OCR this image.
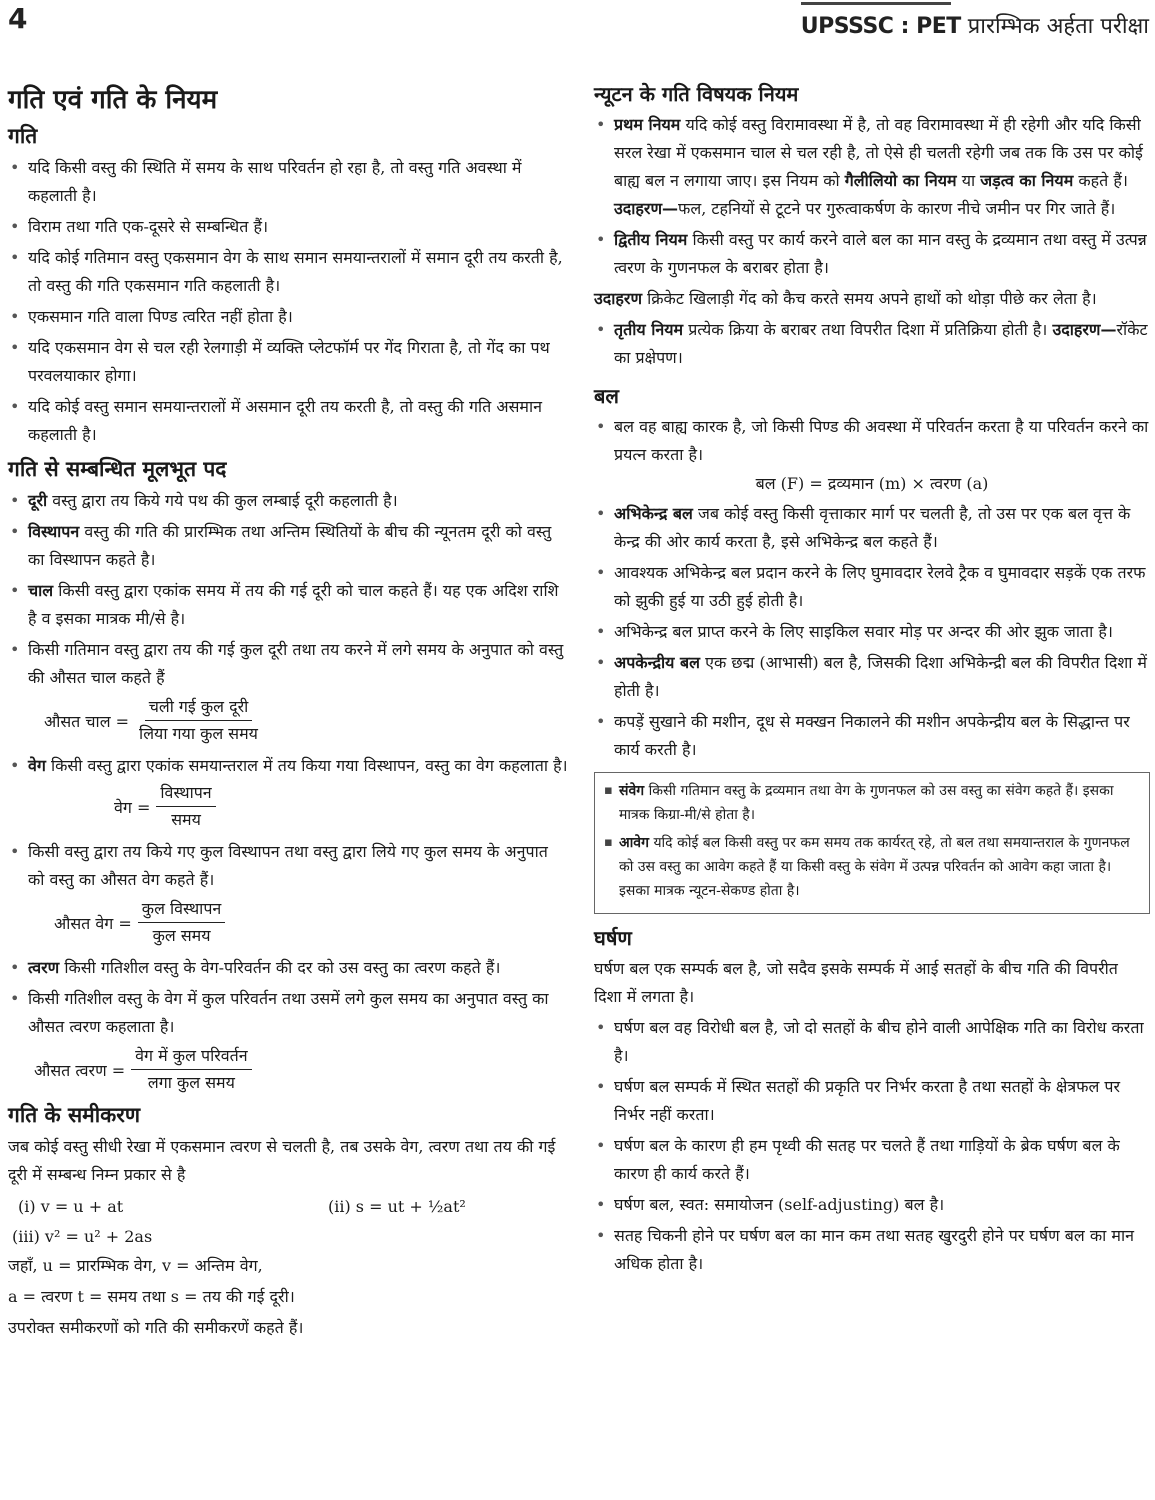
4	UPSSSC : PET प्रारम्भिक अर्हता परीक्षा
गति एवं गति के नियम
गति
• यदि किसी वस्तु की स्थिति में समय के साथ परिवर्तन हो रहा है, तो वस्तु गति अवस्था में कहलाती है।
• विराम तथा गति एक-दूसरे से सम्बन्धित हैं।
• यदि कोई गतिमान वस्तु एकसमान वेग के साथ समान समयान्तरालों में समान दूरी तय करती है, तो वस्तु की गति एकसमान गति कहलाती है।
• एकसमान गति वाला पिण्ड त्वरित नहीं होता है।
• यदि एकसमान वेग से चल रही रेलगाड़ी में व्यक्ति प्लेटफॉर्म पर गेंद गिराता है, तो गेंद का पथ परवलयाकार होगा।
• यदि कोई वस्तु समान समयान्तरालों में असमान दूरी तय करती है, तो वस्तु की गति असमान कहलाती है।
गति से सम्बन्धित मूलभूत पद
• दूरी वस्तु द्वारा तय किये गये पथ की कुल लम्बाई दूरी कहलाती है।
• विस्थापन वस्तु की गति की प्रारम्भिक तथा अन्तिम स्थितियों के बीच की न्यूनतम दूरी को वस्तु का विस्थापन कहते है।
• चाल किसी वस्तु द्वारा एकांक समय में तय की गई दूरी को चाल कहते हैं। यह एक अदिश राशि है व इसका मात्रक मी/से है।
• किसी गतिमान वस्तु द्वारा तय की गई कुल दूरी तथा तय करने में लगे समय के अनुपात को वस्तु की औसत चाल कहते हैं
औसत चाल = $\frac{\text{चली गई कुल दूरी}}{\text{लिया गया कुल समय}}$
• वेग किसी वस्तु द्वारा एकांक समयान्तराल में तय किया गया विस्थापन, वस्तु का वेग कहलाता है।
वेग = $\frac{\text{विस्थापन}}{\text{समय}}$
• किसी वस्तु द्वारा तय किये गए कुल विस्थापन तथा वस्तु द्वारा लिये गए कुल समय के अनुपात को वस्तु का औसत वेग कहते हैं।
औसत वेग = $\frac{\text{कुल विस्थापन}}{\text{कुल समय}}$
• त्वरण किसी गतिशील वस्तु के वेग-परिवर्तन की दर को उस वस्तु का त्वरण कहते हैं।
• किसी गतिशील वस्तु के वेग में कुल परिवर्तन तथा उसमें लगे कुल समय का अनुपात वस्तु का औसत त्वरण कहलाता है।
औसत त्वरण = $\frac{\text{वेग में कुल परिवर्तन}}{\text{लगा कुल समय}}$
गति के समीकरण

जब कोई वस्तु सीधी रेखा में एकसमान त्वरण से चलती है, तब उसके वेग, त्वरण तथा तय की गई दूरी में सम्बन्ध निम्न प्रकार से है

(i) v = u + at	(ii) s = ut + ½at²
(iii) v² = u² + 2as

जहाँ, u = प्रारम्भिक वेग, v = अन्तिम वेग,

a = त्वरण t = समय तथा s = तय की गई दूरी।

उपरोक्त समीकरणों को गति की समीकरणें कहते हैं।

न्यूटन के गति विषयक नियम
• प्रथम नियम यदि कोई वस्तु विरामावस्था में है, तो वह विरामावस्था में ही रहेगी और यदि किसी सरल रेखा में एकसमान चाल से चल रही है, तो ऐसे ही चलती रहेगी जब तक कि उस पर कोई बाह्य बल न लगाया जाए। इस नियम को गैलीलियो का नियम या जड़त्व का नियम कहते हैं। उदाहरण—फल, टहनियों से टूटने पर गुरुत्वाकर्षण के कारण नीचे जमीन पर गिर जाते हैं।
• द्वितीय नियम किसी वस्तु पर कार्य करने वाले बल का मान वस्तु के द्रव्यमान तथा वस्तु में उत्पन्न त्वरण के गुणनफल के बराबर होता है।

उदाहरण क्रिकेट खिलाड़ी गेंद को कैच करते समय अपने हाथों को थोड़ा पीछे कर लेता है।

• तृतीय नियम प्रत्येक क्रिया के बराबर तथा विपरीत दिशा में प्रतिक्रिया होती है। उदाहरण—रॉकेट का प्रक्षेपण।
बल
• बल वह बाह्य कारक है, जो किसी पिण्ड की अवस्था में परिवर्तन करता है या परिवर्तन करने का प्रयत्न करता है।
बल (F) = द्रव्यमान (m) × त्वरण (a)
• अभिकेन्द्र बल जब कोई वस्तु किसी वृत्ताकार मार्ग पर चलती है, तो उस पर एक बल वृत्त के केन्द्र की ओर कार्य करता है, इसे अभिकेन्द्र बल कहते हैं।
• आवश्यक अभिकेन्द्र बल प्रदान करने के लिए घुमावदार रेलवे ट्रैक व घुमावदार सड़कें एक तरफ को झुकी हुई या उठी हुई होती है।
• अभिकेन्द्र बल प्राप्त करने के लिए साइकिल सवार मोड़ पर अन्दर की ओर झुक जाता है।
• अपकेन्द्रीय बल एक छद्म (आभासी) बल है, जिसकी दिशा अभिकेन्द्री बल की विपरीत दिशा में होती है।
• कपड़ें सुखाने की मशीन, दूध से मक्खन निकालने की मशीन अपकेन्द्रीय बल के सिद्धान्त पर कार्य करती है।
▪ संवेग किसी गतिमान वस्तु के द्रव्यमान तथा वेग के गुणनफल को उस वस्तु का संवेग कहते हैं। इसका मात्रक किग्रा-मी/से होता है।
▪ आवेग यदि कोई बल किसी वस्तु पर कम समय तक कार्यरत् रहे, तो बल तथा समयान्तराल के गुणनफल को उस वस्तु का आवेग कहते हैं या किसी वस्तु के संवेग में उत्पन्न परिवर्तन को आवेग कहा जाता है।
इसका मात्रक न्यूटन-सेकण्ड होता है।
घर्षण

घर्षण बल एक सम्पर्क बल है, जो सदैव इसके सम्पर्क में आई सतहों के बीच गति की विपरीत दिशा में लगता है।

• घर्षण बल वह विरोधी बल है, जो दो सतहों के बीच होने वाली आपेक्षिक गति का विरोध करता है।
• घर्षण बल सम्पर्क में स्थित सतहों की प्रकृति पर निर्भर करता है तथा सतहों के क्षेत्रफल पर निर्भर नहीं करता।
• घर्षण बल के कारण ही हम पृथ्वी की सतह पर चलते हैं तथा गाड़ियों के ब्रेक घर्षण बल के कारण ही कार्य करते हैं।
• घर्षण बल, स्वत: समायोजन (self-adjusting) बल है।
• सतह चिकनी होने पर घर्षण बल का मान कम तथा सतह खुरदुरी होने पर घर्षण बल का मान अधिक होता है।
